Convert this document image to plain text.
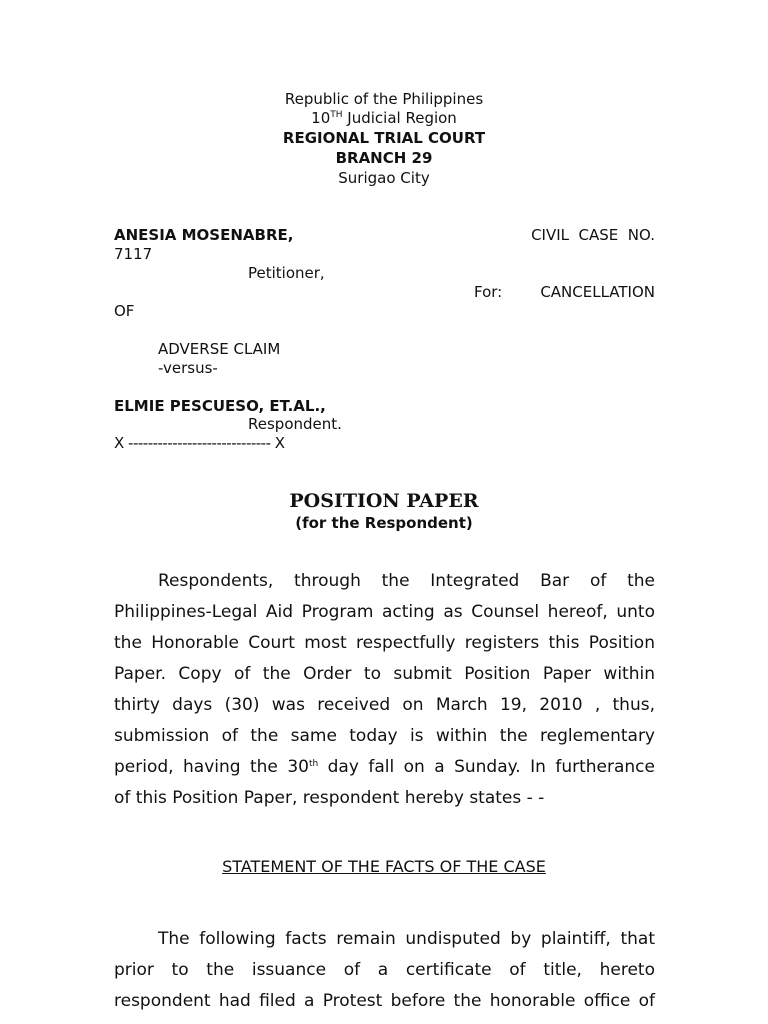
Republic of the Philippines
10TH Judicial Region
REGIONAL TRIAL COURT
BRANCH 29
Surigao City
ANESIA MOSENABRE,	CIVIL  CASE  NO.
7117
Petitioner,
For:	CANCELLATION
OF
ADVERSE CLAIM
-versus-
ELMIE PESCUESO, ET.AL.,
Respondent.
X ----------------------------- X
POSITION PAPER
(for the Respondent)
Respondents, through the Integrated Bar of the
Philippines-Legal Aid Program acting as Counsel hereof, unto
the Honorable Court most respectfully registers this Position
Paper. Copy of the Order to submit Position Paper within
thirty days (30) was received on March 19, 2010 , thus,
submission of the same today is within the reglementary
period, having the 30th day fall on a Sunday. In furtherance
of this Position Paper, respondent hereby states - -
STATEMENT OF THE FACTS OF THE CASE
The following facts remain undisputed by plaintiff, that
prior to the issuance of a certificate of title, hereto
respondent had filed a Protest before the honorable office of
